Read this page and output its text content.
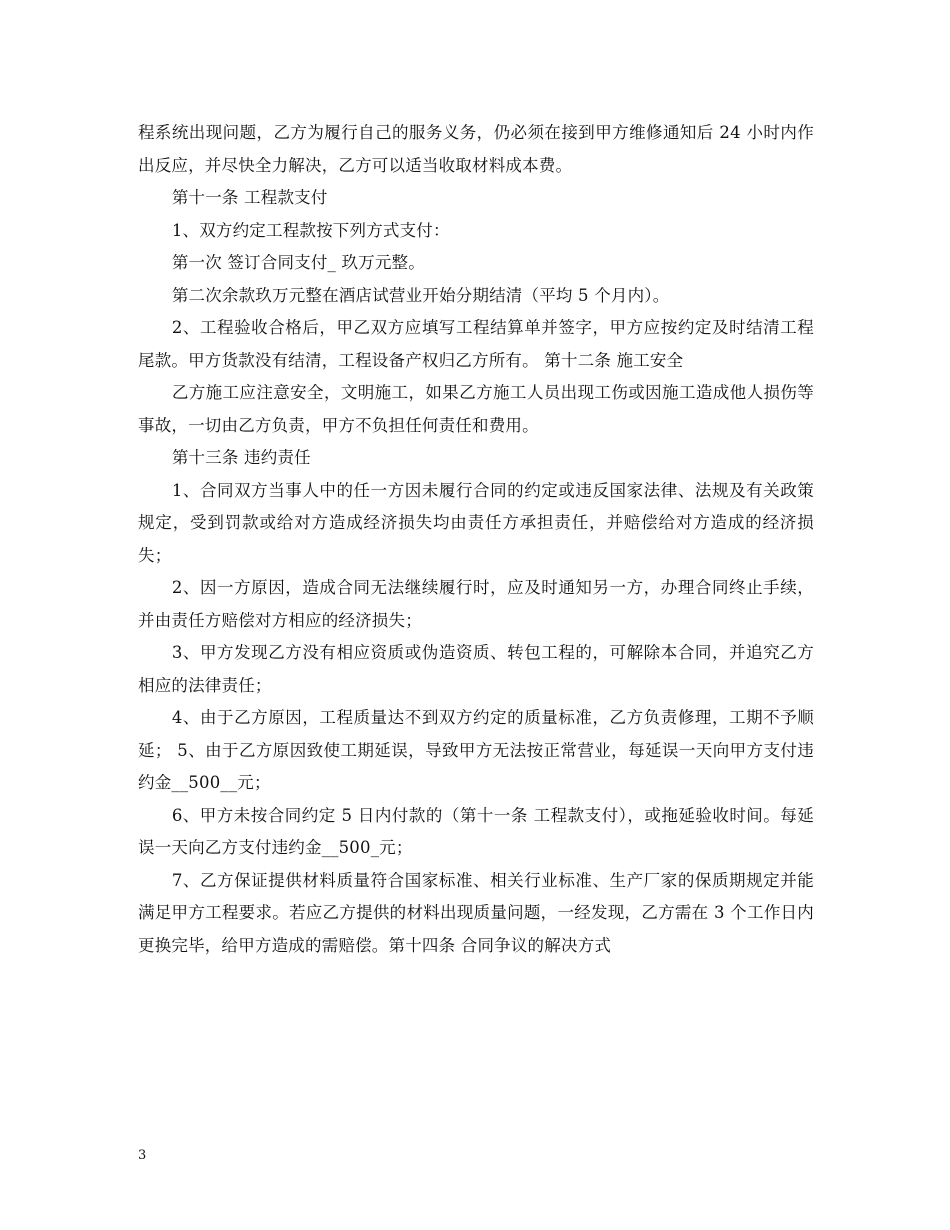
程系统出现问题，乙方为履行自己的服务义务，仍必须在接到甲方维修通知后 24 小时内作出反应，并尽快全力解决，乙方可以适当收取材料成本费。

第十一条 工程款支付

1、双方约定工程款按下列方式支付：

第一次 签订合同支付_ 玖万元整。

第二次余款玖万元整在酒店试营业开始分期结清（平均 5 个月内）。

2、工程验收合格后，甲乙双方应填写工程结算单并签字，甲方应按约定及时结清工程尾款。甲方货款没有结清，工程设备产权归乙方所有。 第十二条 施工安全

乙方施工应注意安全，文明施工，如果乙方施工人员出现工伤或因施工造成他人损伤等事故，一切由乙方负责，甲方不负担任何责任和费用。

第十三条 违约责任

1、合同双方当事人中的任一方因未履行合同的约定或违反国家法律、法规及有关政策规定，受到罚款或给对方造成经济损失均由责任方承担责任，并赔偿给对方造成的经济损失；

2、因一方原因，造成合同无法继续履行时，应及时通知另一方，办理合同终止手续，并由责任方赔偿对方相应的经济损失；

3、甲方发现乙方没有相应资质或伪造资质、转包工程的，可解除本合同，并追究乙方相应的法律责任；

4、由于乙方原因，工程质量达不到双方约定的质量标准，乙方负责修理，工期不予顺延； 5、由于乙方原因致使工期延误，导致甲方无法按正常营业，每延误一天向甲方支付违约金__500__元；

6、甲方未按合同约定 5 日内付款的（第十一条 工程款支付），或拖延验收时间。每延误一天向乙方支付违约金__500_元；

7、乙方保证提供材料质量符合国家标准、相关行业标准、生产厂家的保质期规定并能满足甲方工程要求。若应乙方提供的材料出现质量问题，一经发现，乙方需在 3 个工作日内更换完毕，给甲方造成的需赔偿。第十四条 合同争议的解决方式

3
